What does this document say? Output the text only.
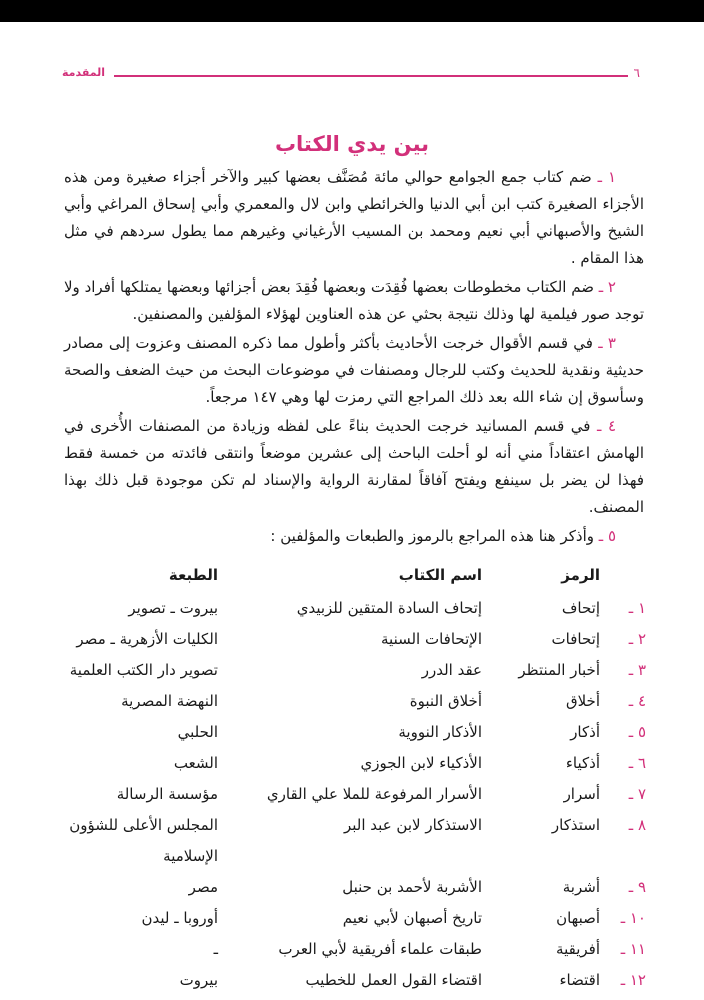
٦
المقدمة
بين يدي الكتاب

١ ـ ضم كتاب جمع الجوامع حوالي مائة مُصَنَّف بعضها كبير والآخر أجزاء صغيرة ومن هذه الأجزاء الصغيرة كتب ابن أبي الدنيا والخرائطي وابن لال والمعمري وأبي إسحاق المراغي وأبي الشيخ والأصبهاني أبي نعيم ومحمد بن المسيب الأرغياني وغيرهم مما يطول سردهم في مثل هذا المقام .

٢ ـ ضم الكتاب مخطوطات بعضها فُقِدَت وبعضها فُقِدَ بعض أجزائها وبعضها يمتلكها أفراد ولا توجد صور فيلمية لها وذلك نتيجة بحثي عن هذه العناوين لهؤلاء المؤلفين والمصنفين.

٣ ـ في قسم الأقوال خرجت الأحاديث بأكثر وأطول مما ذكره المصنف وعزوت إلى مصادر حديثية ونقدية للحديث وكتب للرجال ومصنفات في موضوعات البحث من حيث الضعف والصحة وسأسوق إن شاء الله بعد ذلك المراجع التي رمزت لها وهي ١٤٧ مرجعاً.

٤ ـ في قسم المسانيد خرجت الحديث بناءً على لفظه وزيادة من المصنفات الأُخرى في الهامش اعتقاداً مني أنه لو أحلت الباحث إلى عشرين موضعاً وانتقى فائدته من خمسة فقط فهذا لن يضر بل سينفع ويفتح آفاقاً لمقارنة الرواية والإسناد لم تكن موجودة قبل ذلك بهذا المصنف.

٥ ـ وأذكر هنا هذه المراجع بالرموز والطبعات والمؤلفين :

الرمز
اسم الكتاب
الطبعة
١ ـ
إتحاف
إتحاف السادة المتقين للزبيدي
بيروت ـ تصوير
٢ ـ
إتحافات
الإتحافات السنية
الكليات الأزهرية ـ مصر
٣ ـ
أخبار المنتظر
عقد الدرر
تصوير دار الكتب العلمية
٤ ـ
أخلاق
أخلاق النبوة
النهضة المصرية
٥ ـ
أذكار
الأذكار النووية
الحلبي
٦ ـ
أذكياء
الأذكياء لابن الجوزي
الشعب
٧ ـ
أسرار
الأسرار المرفوعة للملا علي القاري
مؤسسة الرسالة
٨ ـ
استذكار
الاستذكار لابن عبد البر
المجلس الأعلى للشؤون
الإسلامية
٩ ـ
أشربة
الأشربة لأحمد بن حنبل
مصر
١٠ ـ
أصبهان
تاريخ أصبهان لأبي نعيم
أوروبا ـ ليدن
١١ ـ
أفريقية
طبقات علماء أفريقية لأبي العرب
ـ
١٢ ـ
اقتضاء
اقتضاء القول العمل للخطيب
بيروت
